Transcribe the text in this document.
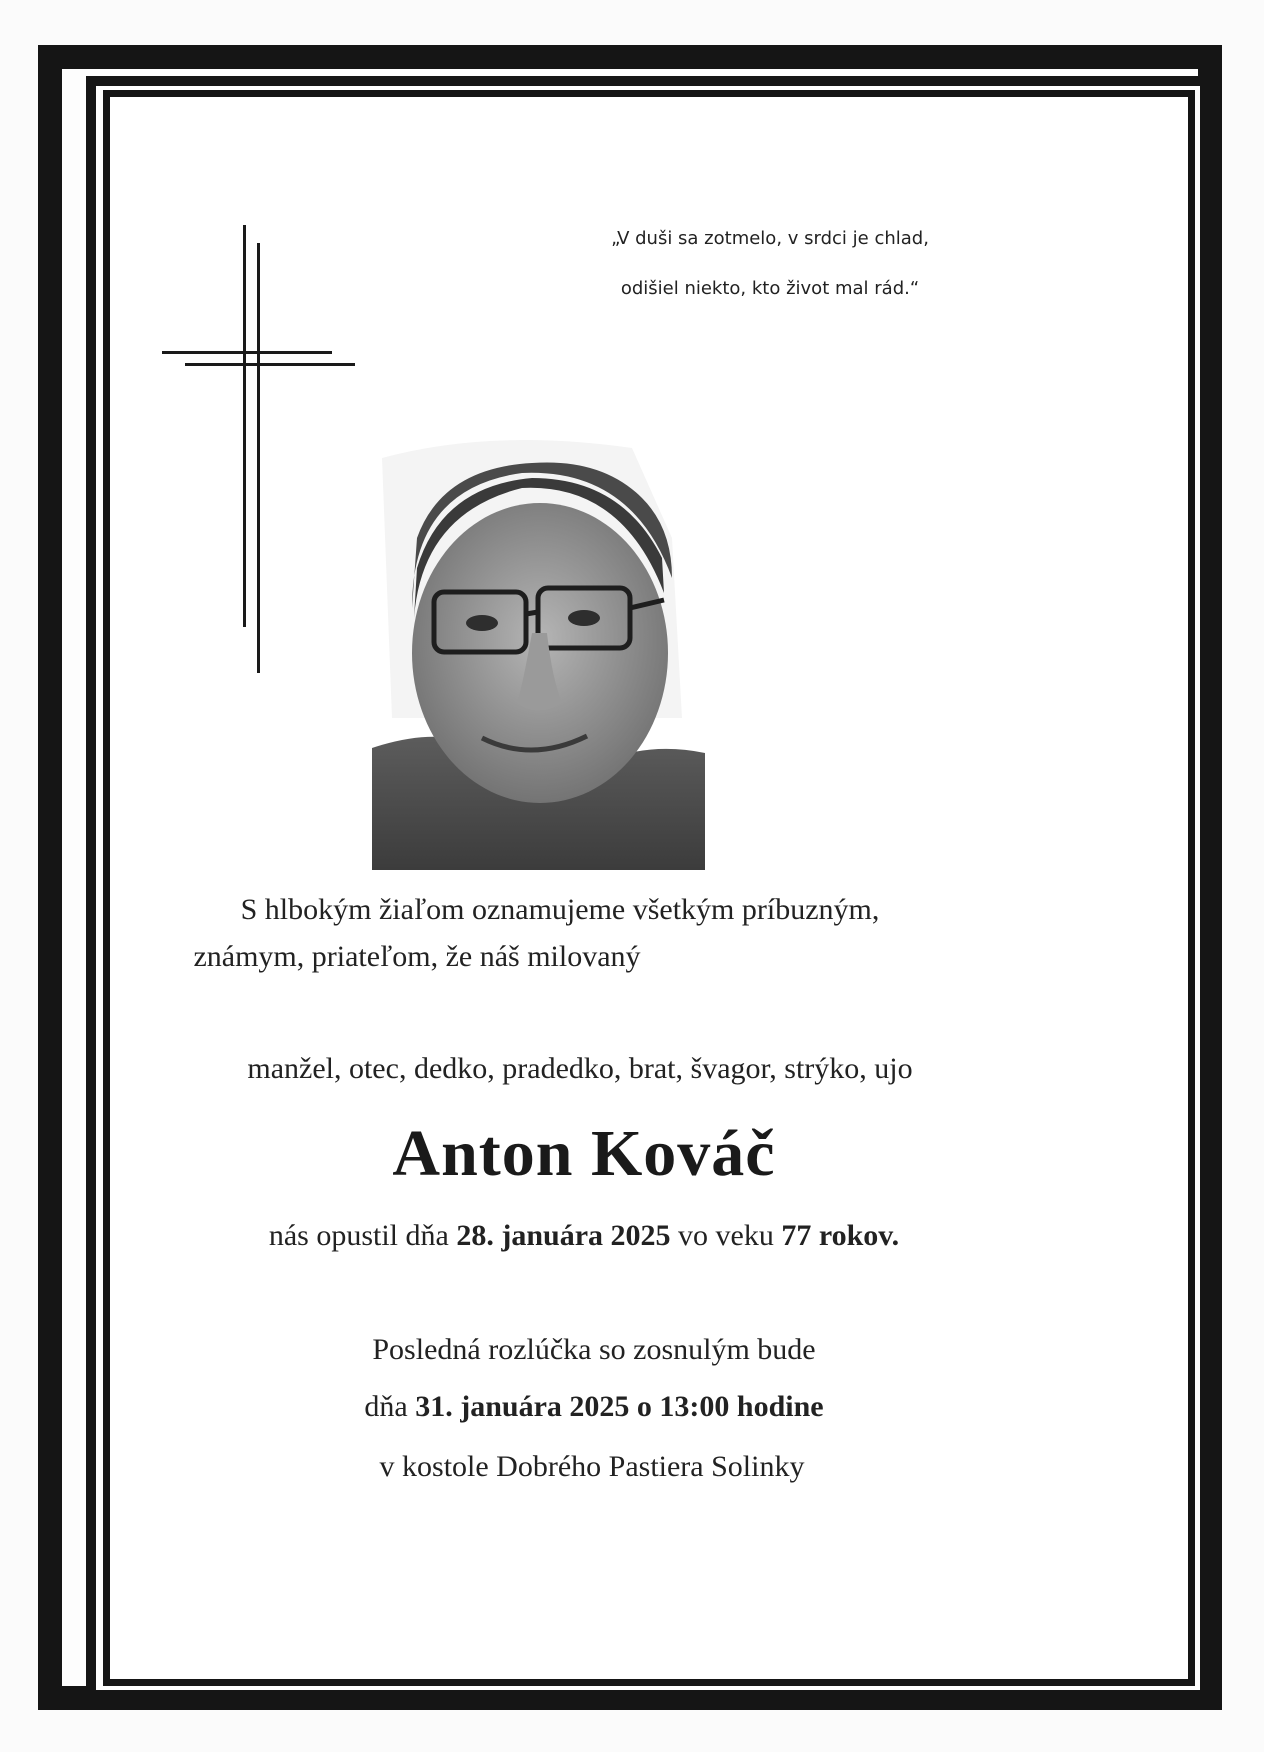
„V duši sa zotmelo, v srdci je chlad,
odišiel niekto, kto život mal rád.“
S hlbokým žiaľom oznamujeme všetkým príbuzným,
známym, priateľom, že náš milovaný
manžel, otec, dedko, pradedko, brat, švagor, strýko, ujo
Anton Kováč
nás opustil dňa 28. januára 2025 vo veku 77 rokov.
Posledná rozlúčka so zosnulým bude
dňa 31. januára 2025 o 13:00 hodine
v kostole Dobrého Pastiera Solinky
